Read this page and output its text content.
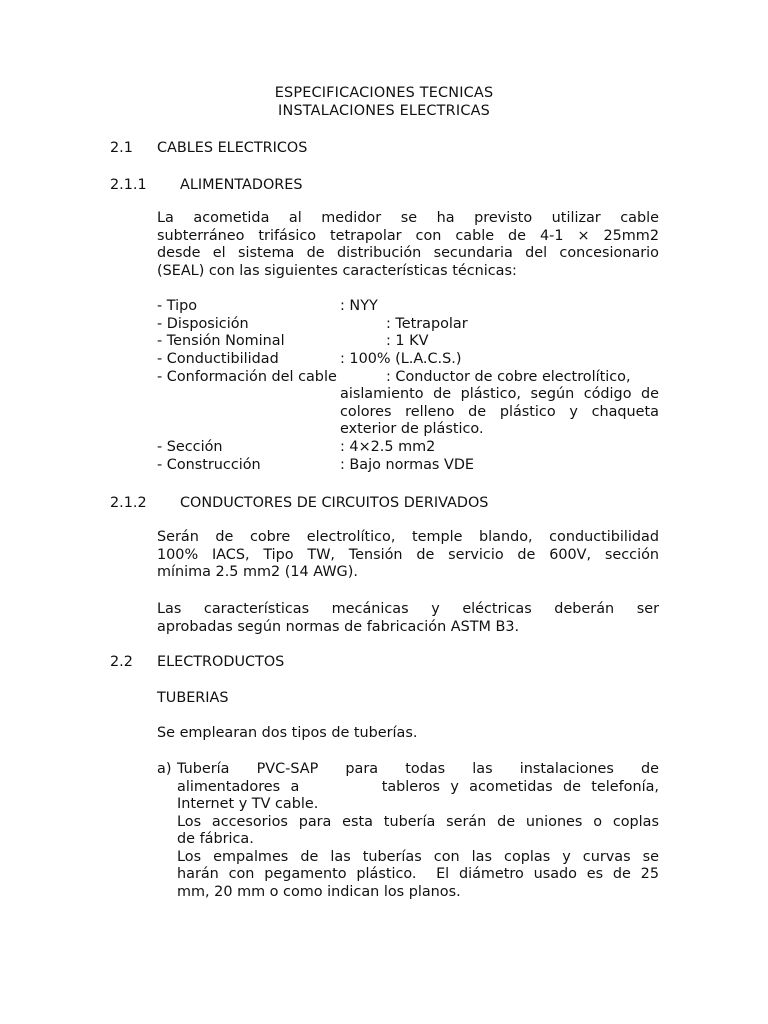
ESPECIFICACIONES TECNICAS
INSTALACIONES ELECTRICAS
2.1 CABLES ELECTRICOS
2.1.1 ALIMENTADORES
La acometida al medidor se ha previsto utilizar cable
subterráneo trifásico tetrapolar con cable de 4-1 × 25mm2
desde el sistema de distribución secundaria del concesionario
(SEAL) con las siguientes características técnicas:
- Tipo	: NYY
- Disposición	: Tetrapolar
- Tensión Nominal	: 1 KV
- Conductibilidad	: 100% (L.A.C.S.)
- Conformación del cable	: Conductor de cobre electrolítico,
aislamiento de plástico, según código de
colores relleno de plástico y chaqueta
exterior de plástico.
- Sección	: 4×2.5 mm2
- Construcción	: Bajo normas VDE
2.1.2 CONDUCTORES DE CIRCUITOS DERIVADOS
Serán de cobre electrolítico, temple blando, conductibilidad
100% IACS, Tipo TW, Tensión de servicio de 600V, sección
mínima 2.5 mm2 (14 AWG).
Las características mecánicas y eléctricas deberán ser
aprobadas según normas de fabricación ASTM B3.
2.2 ELECTRODUCTOS
TUBERIAS
Se emplearan dos tipos de tuberías.
a) Tubería PVC-SAP para todas las instalaciones de
alimentadores a        tableros y acometidas de telefonía,
Internet y TV cable.
Los accesorios para esta tubería serán de uniones o coplas
de fábrica.
Los empalmes de las tuberías con las coplas y curvas se
harán con pegamento plástico.  El diámetro usado es de 25
mm, 20 mm o como indican los planos.
